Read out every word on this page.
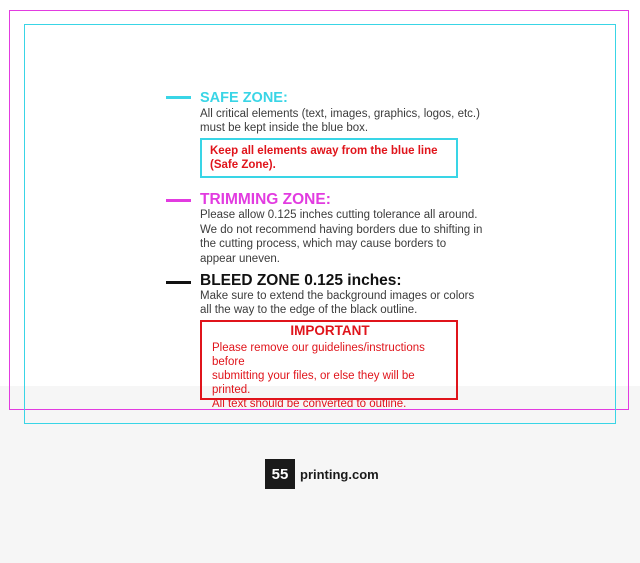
SAFE ZONE:
All critical elements (text, images, graphics, logos, etc.)
must be kept inside the blue box.
Keep all elements away from the blue line
(Safe Zone).
TRIMMING ZONE:
Please allow 0.125 inches cutting tolerance all around.
We do not recommend having borders due to shifting in
the cutting process, which may cause borders to
appear uneven.
BLEED ZONE 0.125 inches:
Make sure to extend the background images or colors
all the way to the edge of the black outline.
IMPORTANT
Please remove our guidelines/instructions before
submitting your files, or else they will be printed.
All text should be converted to outline.
55 printing.com
